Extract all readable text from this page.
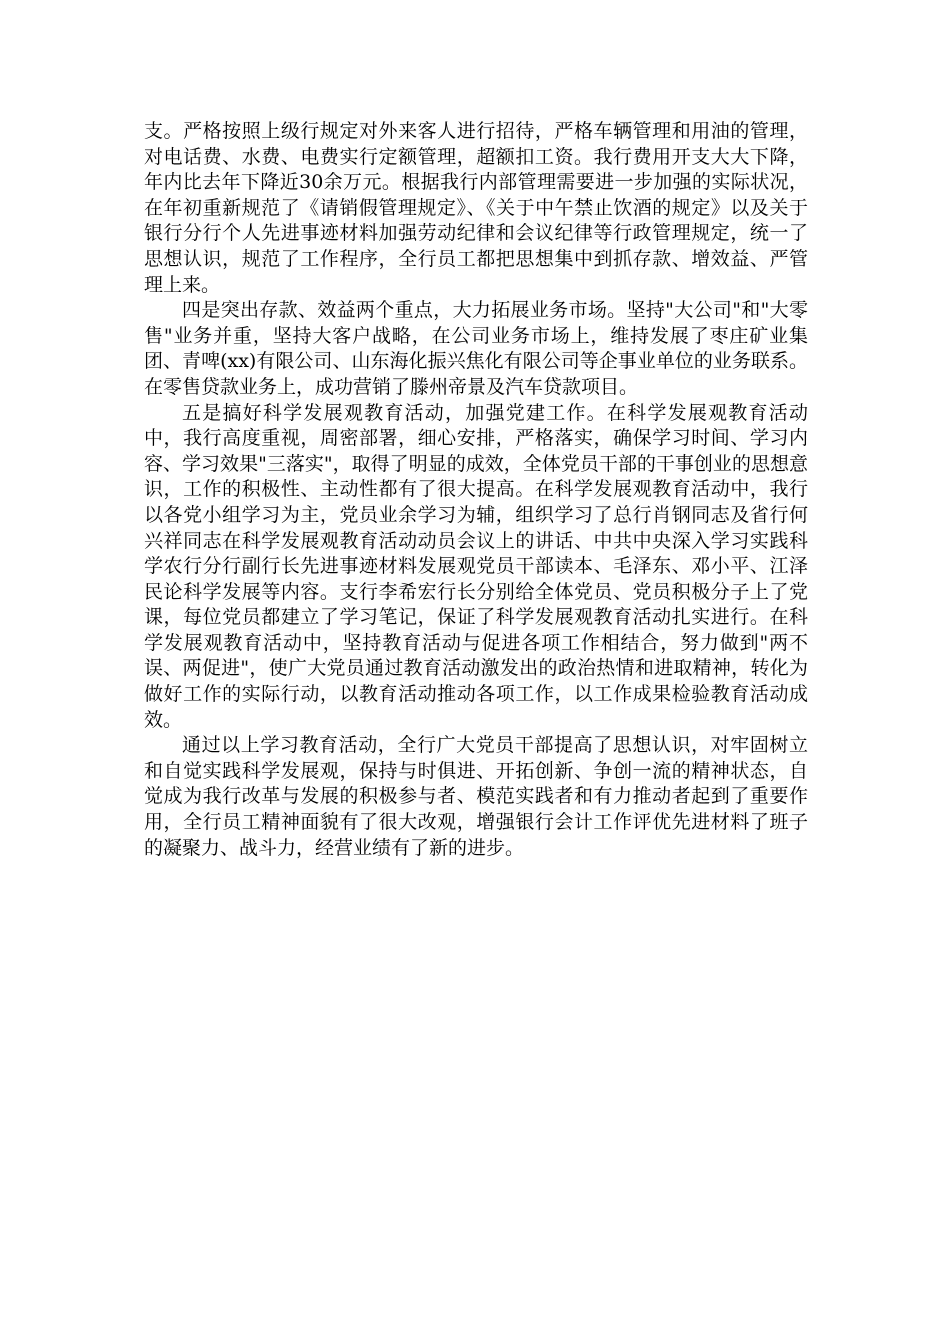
支。严格按照上级行规定对外来客人进行招待，严格车辆管理和用油的管理，对电话费、水费、电费实行定额管理，超额扣工资。我行费用开支大大下降，年内比去年下降近30余万元。根据我行内部管理需要进一步加强的实际状况，在年初重新规范了《请销假管理规定》、《关于中午禁止饮酒的规定》以及关于银行分行个人先进事迹材料加强劳动纪律和会议纪律等行政管理规定，统一了思想认识，规范了工作程序，全行员工都把思想集中到抓存款、增效益、严管理上来。

四是突出存款、效益两个重点，大力拓展业务市场。坚持"大公司"和"大零售"业务并重，坚持大客户战略，在公司业务市场上，维持发展了枣庄矿业集团、青啤(xx)有限公司、山东海化振兴焦化有限公司等企事业单位的业务联系。在零售贷款业务上，成功营销了滕州帝景及汽车贷款项目。

五是搞好科学发展观教育活动，加强党建工作。在科学发展观教育活动中，我行高度重视，周密部署，细心安排，严格落实，确保学习时间、学习内容、学习效果"三落实"，取得了明显的成效，全体党员干部的干事创业的思想意识，工作的积极性、主动性都有了很大提高。在科学发展观教育活动中，我行以各党小组学习为主，党员业余学习为辅，组织学习了总行肖钢同志及省行何兴祥同志在科学发展观教育活动动员会议上的讲话、中共中央深入学习实践科学农行分行副行长先进事迹材料发展观党员干部读本、毛泽东、邓小平、江泽民论科学发展等内容。支行李希宏行长分别给全体党员、党员积极分子上了党课，每位党员都建立了学习笔记，保证了科学发展观教育活动扎实进行。在科学发展观教育活动中，坚持教育活动与促进各项工作相结合，努力做到"两不误、两促进"，使广大党员通过教育活动激发出的政治热情和进取精神，转化为做好工作的实际行动，以教育活动推动各项工作，以工作成果检验教育活动成效。

通过以上学习教育活动，全行广大党员干部提高了思想认识，对牢固树立和自觉实践科学发展观，保持与时俱进、开拓创新、争创一流的精神状态，自觉成为我行改革与发展的积极参与者、模范实践者和有力推动者起到了重要作用，全行员工精神面貌有了很大改观，增强银行会计工作评优先进材料了班子的凝聚力、战斗力，经营业绩有了新的进步。
